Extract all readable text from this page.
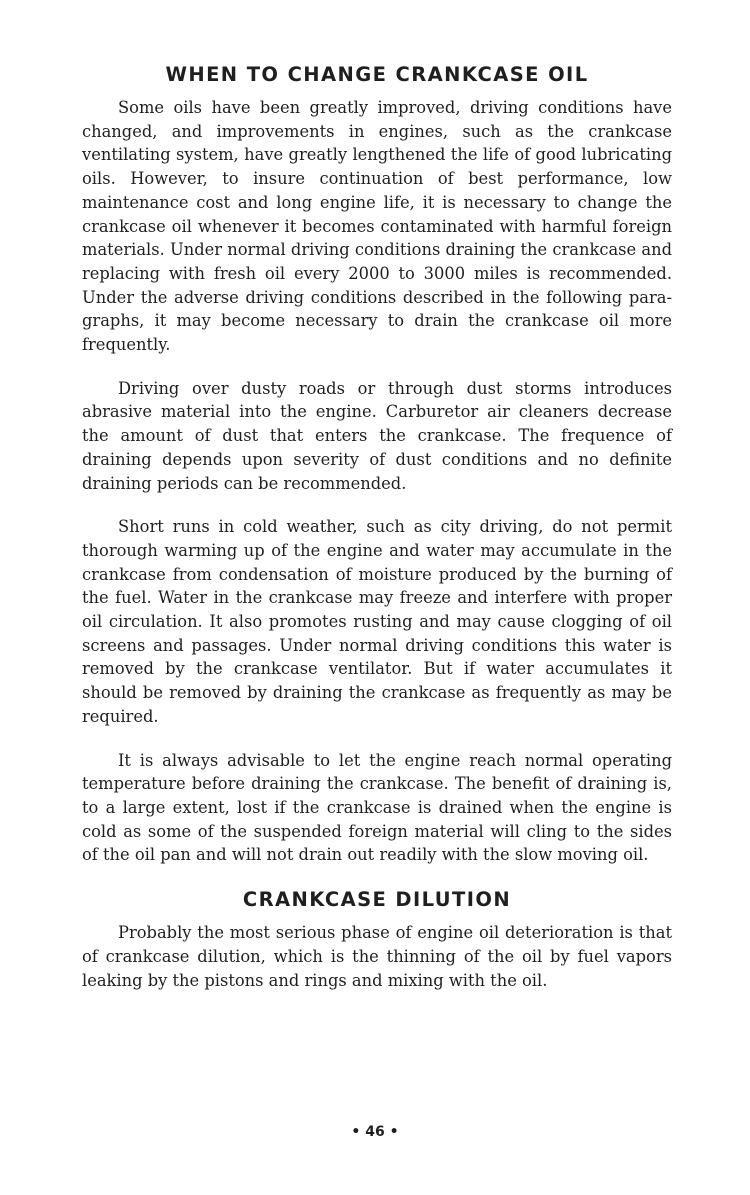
WHEN TO CHANGE CRANKCASE OIL

Some oils have been greatly improved, driving conditions have changed, and improvements in engines, such as the crankcase ventilating system, have greatly lengthened the life of good lubricating oils. However, to insure continuation of best performance, low maintenance cost and long engine life, it is necessary to change the crankcase oil whenever it becomes contaminated with harmful foreign materials. Under normal driving conditions draining the crankcase and replacing with fresh oil every 2000 to 3000 miles is recommended. Under the adverse driving conditions described in the following paragraphs, it may become necessary to drain the crankcase oil more frequently.

Driving over dusty roads or through dust storms introduces abrasive material into the engine. Carburetor air cleaners decrease the amount of dust that enters the crankcase. The frequence of draining depends upon severity of dust conditions and no definite draining periods can be recommended.

Short runs in cold weather, such as city driving, do not permit thorough warming up of the engine and water may accumulate in the crankcase from condensation of moisture produced by the burning of the fuel. Water in the crankcase may freeze and interfere with proper oil circulation. It also promotes rusting and may cause clogging of oil screens and passages. Under normal driving conditions this water is removed by the crankcase ventilator. But if water accumulates it should be removed by draining the crankcase as frequently as may be required.

It is always advisable to let the engine reach normal operating temperature before draining the crankcase. The benefit of draining is, to a large extent, lost if the crankcase is drained when the engine is cold as some of the suspended foreign material will cling to the sides of the oil pan and will not drain out readily with the slow moving oil.

CRANKCASE DILUTION

Probably the most serious phase of engine oil deterioration is that of crankcase dilution, which is the thinning of the oil by fuel vapors leaking by the pistons and rings and mixing with the oil.

• 46 •
